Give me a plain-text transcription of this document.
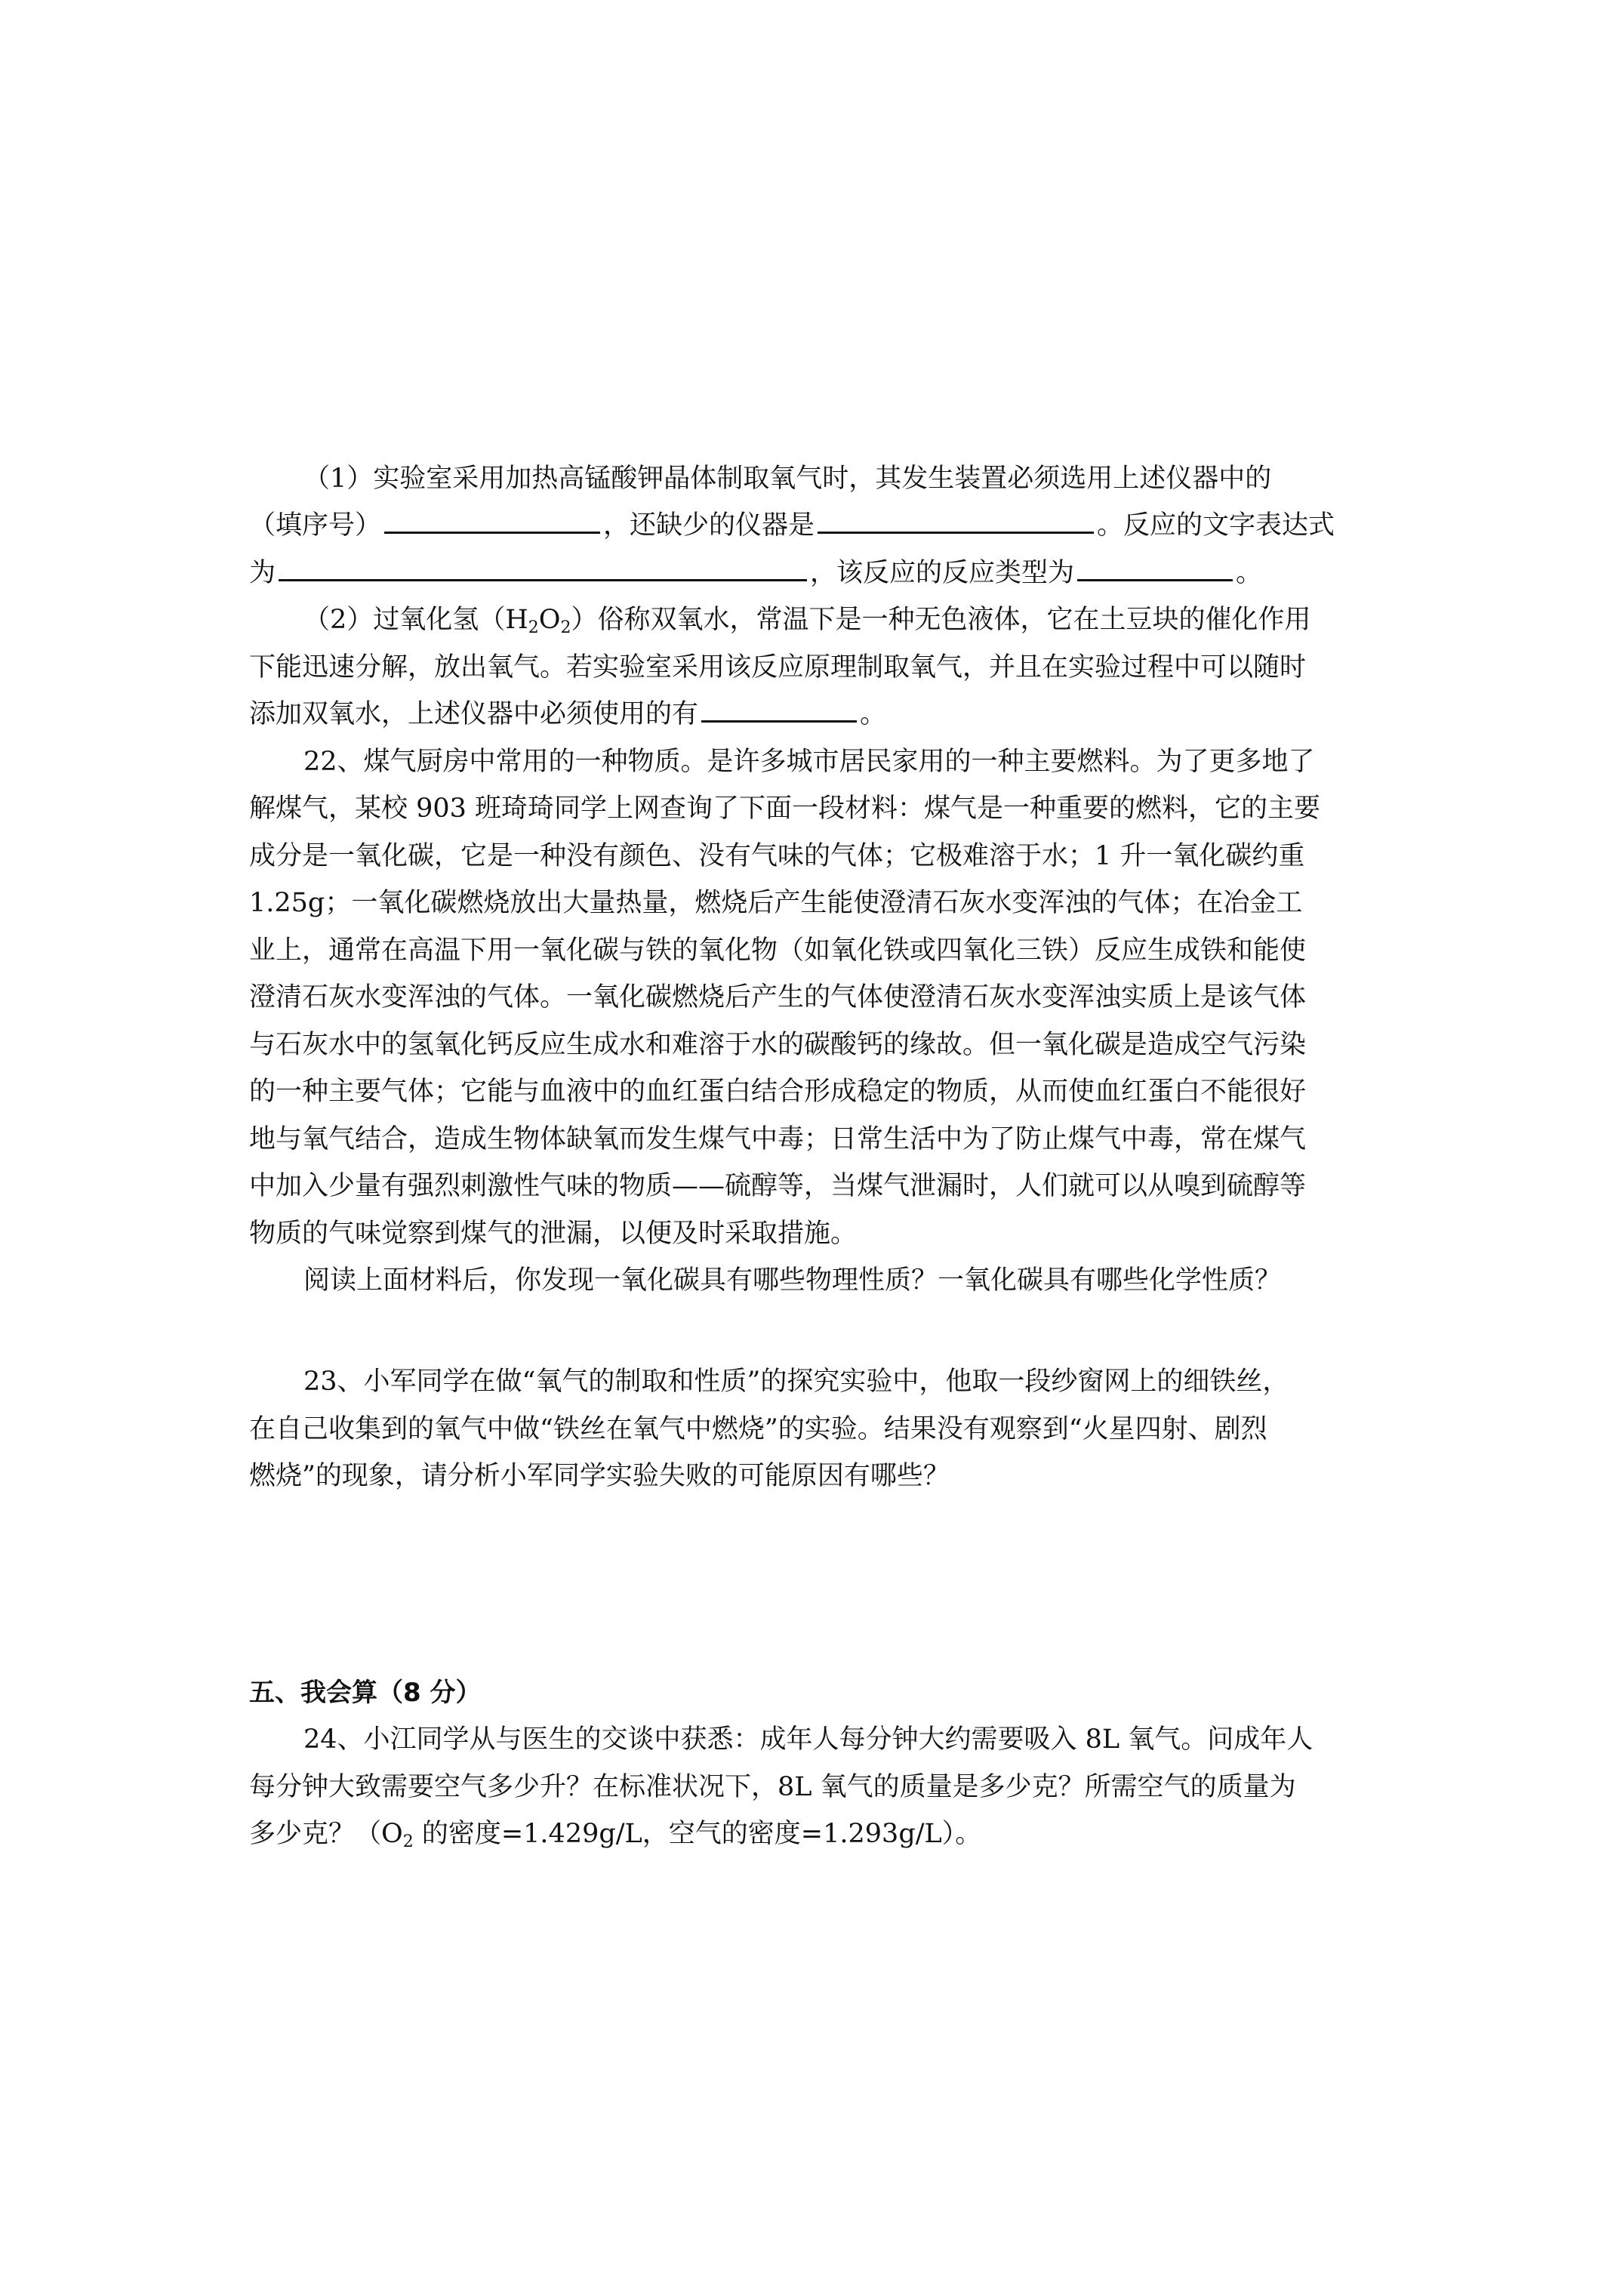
（1）实验室采用加热高锰酸钾晶体制取氧气时，其发生装置必须选用上述仪器中的
（填序号）	，还缺少的仪器是	。反应的文字表达式
为	，该反应的反应类型为	。
（2）过氧化氢$(H_2O_2)$俗称双氧水，常温下是一种无色液体，它在土豆块的催化作用
下能迅速分解，放出氧气。若实验室采用该反应原理制取氧气，并且在实验过程中可以随时
添加双氧水，上述仪器中必须使用的有	。
22、煤气厨房中常用的一种物质。是许多城市居民家用的一种主要燃料。为了更多地了
解煤气，某校 903 班琦琦同学上网查询了下面一段材料：煤气是一种重要的燃料，它的主要
成分是一氧化碳，它是一种没有颜色、没有气味的气体；它极难溶于水；1 升一氧化碳约重
1.25g；一氧化碳燃烧放出大量热量，燃烧后产生能使澄清石灰水变浑浊的气体；在冶金工
业上，通常在高温下用一氧化碳与铁的氧化物（如氧化铁或四氧化三铁）反应生成铁和能使
澄清石灰水变浑浊的气体。一氧化碳燃烧后产生的气体使澄清石灰水变浑浊实质上是该气体
与石灰水中的氢氧化钙反应生成水和难溶于水的碳酸钙的缘故。但一氧化碳是造成空气污染
的一种主要气体；它能与血液中的血红蛋白结合形成稳定的物质，从而使血红蛋白不能很好
地与氧气结合，造成生物体缺氧而发生煤气中毒；日常生活中为了防止煤气中毒，常在煤气
中加入少量有强烈刺激性气味的物质——硫醇等，当煤气泄漏时，人们就可以从嗅到硫醇等
物质的气味觉察到煤气的泄漏，以便及时采取措施。
阅读上面材料后，你发现一氧化碳具有哪些物理性质？一氧化碳具有哪些化学性质？
23、小军同学在做“氧气的制取和性质”的探究实验中，他取一段纱窗网上的细铁丝，
在自己收集到的氧气中做“铁丝在氧气中燃烧”的实验。结果没有观察到“火星四射、剧烈
燃烧”的现象，请分析小军同学实验失败的可能原因有哪些？
五、我会算（8 分）
24、小江同学从与医生的交谈中获悉：成年人每分钟大约需要吸入 8L 氧气。问成年人
每分钟大致需要空气多少升？在标准状况下，8L 氧气的质量是多少克？所需空气的质量为
多少克？（$O_2$ 的密度=1.429g/L，空气的密度=1.293g/L）。
